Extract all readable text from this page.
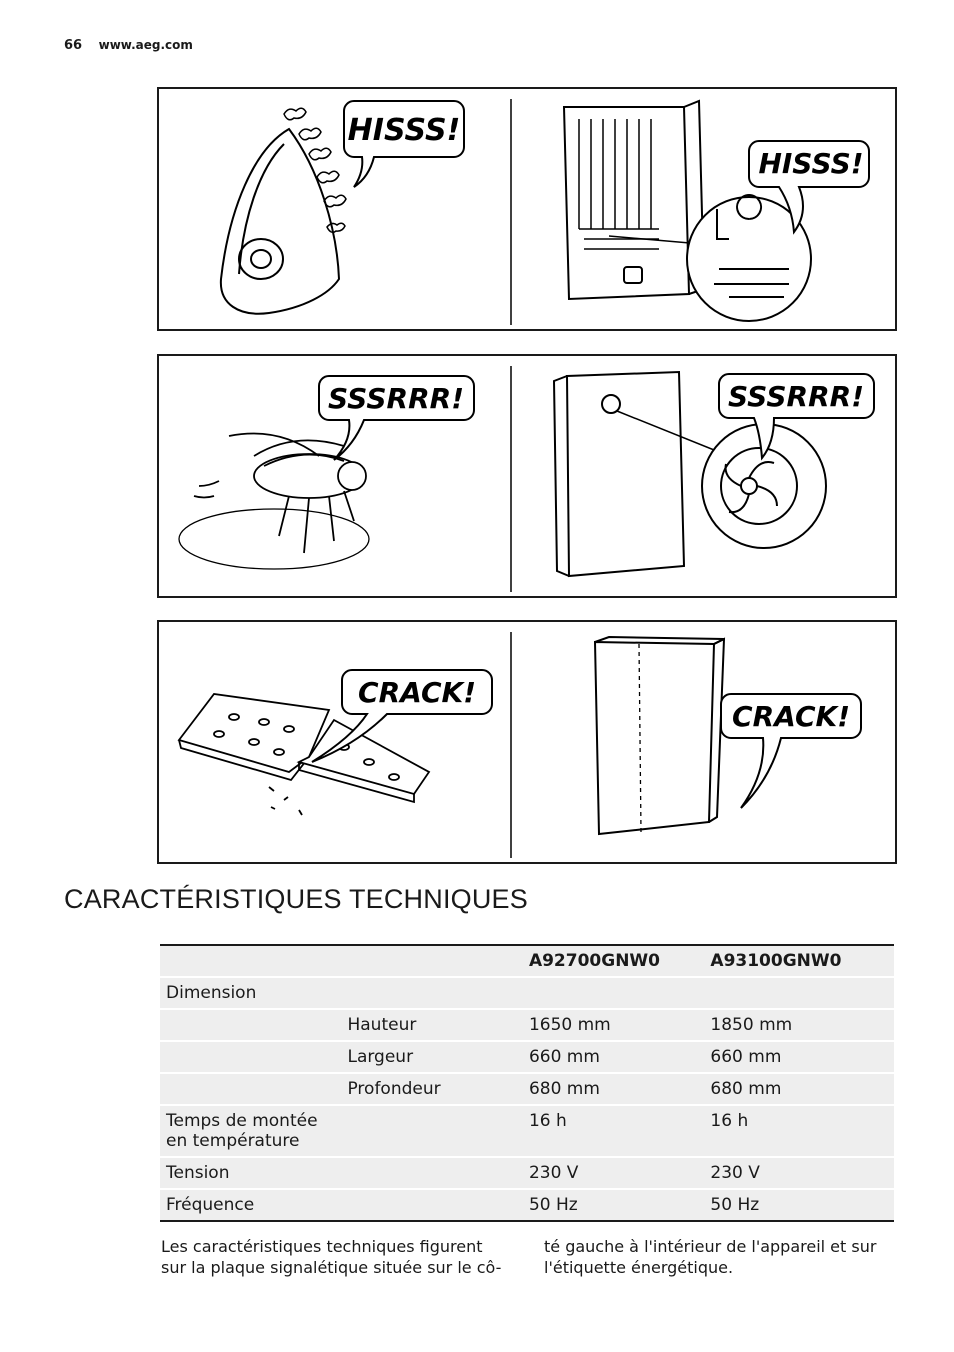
66 www.aeg.com
HISSS!
HISSS!
SSSRRR!	SSSRRR!
CRACK!
CRACK!
CARACTÉRISTIQUES TECHNIQUES
		A92700GNW0	A93100GNW0
Dimension			
	Hauteur	1650 mm	1850 mm
	Largeur	660 mm	660 mm
	Profondeur	680 mm	680 mm
Temps de montée en température		16 h	16 h
Tension		230 V	230 V
Fréquence		50 Hz	50 Hz

Les caractéristiques techniques figurent sur la plaque signalétique située sur le cô-

té gauche à l'intérieur de l'appareil et sur l'étiquette énergétique.
